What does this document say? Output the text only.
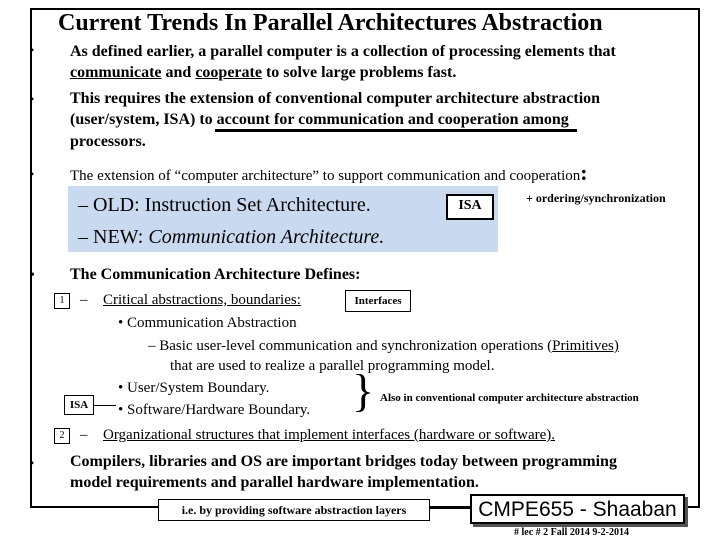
Current Trends In Parallel Architectures Abstraction
• As defined earlier, a parallel computer is a collection of processing elements that
communicate and cooperate to solve large problems fast.
• This requires the extension of conventional computer architecture abstraction
(user/system, ISA) to account for communication and cooperation among
processors.
• The extension of “computer architecture” to support communication and cooperation:
– OLD: Instruction Set Architecture.	ISA	+ ordering/synchronization
– NEW: Communication Architecture.
• The Communication Architecture Defines:
1	– Critical abstractions, boundaries:	Interfaces
• Communication Abstraction
– Basic user-level communication and synchronization operations (Primitives)
that are used to realize a parallel programming model.
• User/System Boundary.
ISA	• Software/Hardware Boundary. } Also in conventional computer architecture abstraction
2	– Organizational structures that implement interfaces (hardware or software).
• Compilers, libraries and OS are important bridges today between programming
model requirements and parallel hardware implementation.
i.e. by providing software abstraction layers	CMPE655 - Shaaban
# lec # 2 Fall 2014 9-2-2014
